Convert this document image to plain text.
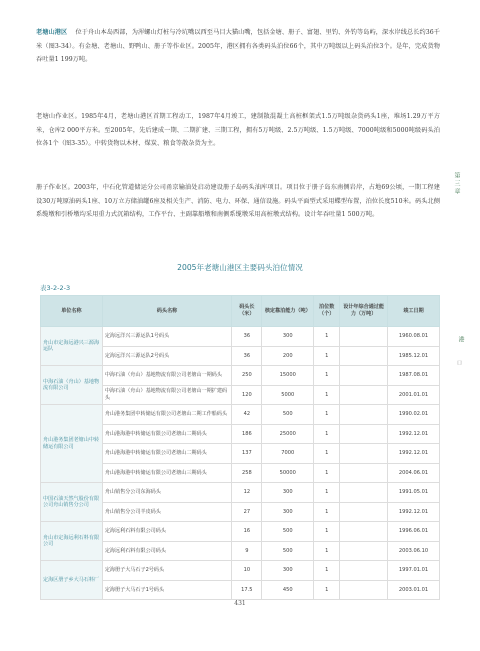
老塘山港区 位于舟山本岛西部，为浑螺山灯桩与冷坑嘴以西至马目大猫山嘴，包括金塘、册子、富翅、里钓、外钓等岛屿，深水岸线总长约36千米（图3-34）。有金塘、老塘山、野鸭山、册子等作业区。2005年，港区拥有各类码头泊位66个，其中万吨级以上码头泊位3个。是年，完成货物吞吐量1 199万吨。
老塘山作业区。1985年4月，老塘山港区首期工程动工，1987年4月竣工，建制散混凝土高桩框架式1.5万吨级杂货码头1座，堆场1.29万平方米，仓库2 000平方米。至2005年，先后建成一期、二期扩建、三期工程，拥有5万吨级、2.5万吨级、1.5万吨级、7000吨级和5000吨级码头泊位各1个（图3-35）。中转货物以木材、煤炭、粮食等散杂货为主。
册子作业区。2003年，中石化管道储运分公司甬京输油处启动建设册子岛码头油库项目。项目位于册子岛东南侧岩岸，占地69公顷，一期工程建设30万吨原油码头1座、10万立方储油罐6座及相关生产、消防、电力、环保、通信设施。码头平面型式采用蝶型布置，泊位长度510米。码头北侧系缆墩和引桥墩均采用重力式沉箱结构，工作平台、主副靠船墩和南侧系缆墩采用高桩墩式结构。设计年吞吐量1 500万吨。
2005年老塘山港区主要码头泊位情况
表3-2-2-3
单位名称	码头名称	码头长（米）	核定靠泊能力（吨）	泊位数（个）	设计年综合通过能力（万吨）	竣工日期
舟山市定海远港兴三源海运队	定海远洋兴三源运队1号码头	36	300	1		1960.08.01
	定海远洋兴三源运队2号码头	36	200	1		1985.12.01
中海石油（舟山）基地物流有限公司	中海石油（舟山）基地物流有限公司老塘山一期码头	250	15000	1		1987.08.01
	中海石油（舟山）基地物流有限公司老塘山一期扩建码头	120	5000	1		2001.01.01
舟山港务集团老塘山中转储运有限公司	舟山港务集团中转储运有限公司老塘山二期工作船码头	42	500	1		1990.02.01
	舟山港海港中转储运有限公司老塘山二期码头	186	25000	1		1992.12.01
	舟山港海港中转储运有限公司老塘山二期码头	137	7000	1		1992.12.01
	舟山港海港中转储运有限公司老塘山三期码头	258	50000	1		2004.06.01
中国石油天然气股份有限公司舟山销售分公司	舟山销售分公司东海码头	12	300	1		1991.05.01
	舟山销售分公司羊皮码头	27	300	1		1992.12.01
舟山市定海远利石料有限公司	定海远利石料有限公司码头	16	500	1		1996.06.01
	定海远利石料有限公司码头	9	500	1		2003.06.10
定海区册子乡大马石料厂	定海册子大马石子2号码头	10	300	1		1997.01.01
	定海册子大马石子1号码头	17.5	450	1		2003.01.01
第三章
港
口
431
